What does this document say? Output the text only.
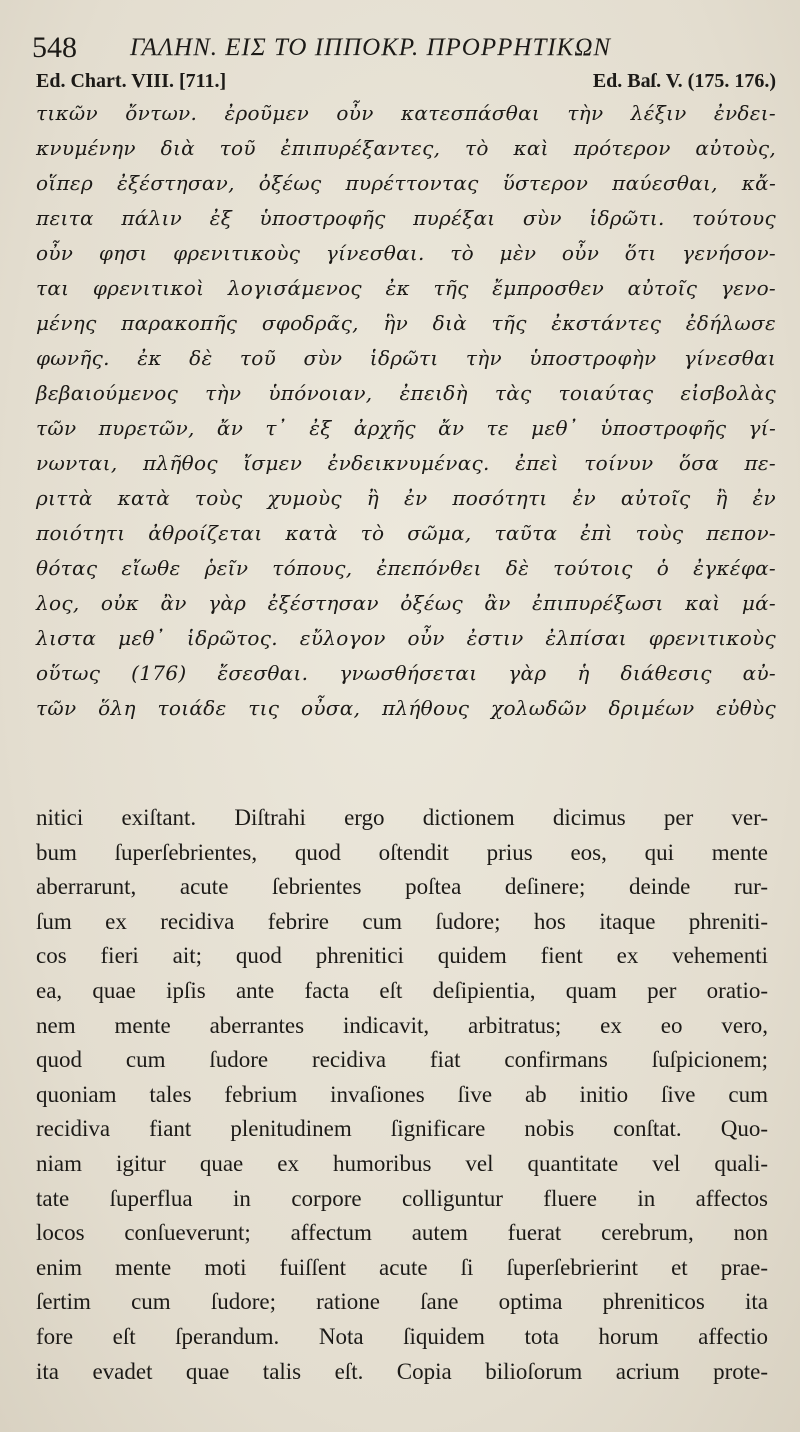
548 ΓΑΛΗΝ. ΕΙΣ ΤΟ ΙΠΠΟΚΡ. ΠΡΟΡΡΗΤΙΚΩΝ
Ed. Chart. VIII. [711.]	Ed. Baſ. V. (175. 176.)
τικῶν ὄντων. ἐροῦμεν οὖν κατεσπάσθαι τὴν λέξιν ἐνδει-
κνυμένην διὰ τοῦ ἐπιπυρέξαντες, τὸ καὶ πρότερον αὐτοὺς,
οἵπερ ἐξέστησαν, ὀξέως πυρέττοντας ὕστερον παύεσθαι, κἄ-
πειτα πάλιν ἐξ ὑποστροφῆς πυρέξαι σὺν ἱδρῶτι. τούτους
οὖν φησι φρενιτικοὺς γίνεσθαι. τὸ μὲν οὖν ὅτι γενήσον-
ται φρενιτικοὶ λογισάμενος ἐκ τῆς ἔμπροσθεν αὐτοῖς γενο-
μένης παρακοπῆς σφοδρᾶς, ἣν διὰ τῆς ἐκστάντες ἐδήλωσε
φωνῆς. ἐκ δὲ τοῦ σὺν ἱδρῶτι τὴν ὑποστροφὴν γίνεσθαι
βεβαιούμενος τὴν ὑπόνοιαν, ἐπειδὴ τὰς τοιαύτας εἰσβολὰς
τῶν πυρετῶν, ἄν τ᾽ ἐξ ἀρχῆς ἄν τε μεθ᾽ ὑποστροφῆς γί-
νωνται, πλῆθος ἴσμεν ἐνδεικνυμένας. ἐπεὶ τοίνυν ὅσα πε-
ριττὰ κατὰ τοὺς χυμοὺς ἢ ἐν ποσότητι ἐν αὐτοῖς ἢ ἐν
ποιότητι ἀθροίζεται κατὰ τὸ σῶμα, ταῦτα ἐπὶ τοὺς πεπον-
θότας εἴωθε ῥεῖν τόπους, ἐπεπόνθει δὲ τούτοις ὁ ἐγκέφα-
λος, οὐκ ἂν γὰρ ἐξέστησαν ὀξέως ἂν ἐπιπυρέξωσι καὶ μά-
λιστα μεθ᾽ ἱδρῶτος. εὔλογον οὖν ἐστιν ἐλπίσαι φρενιτικοὺς
οὕτως (176) ἔσεσθαι. γνωσθήσεται γὰρ ἡ διάθεσις αὐ-
τῶν ὅλη τοιάδε τις οὖσα, πλήθους χολωδῶν δριμέων εὐθὺς
nitici exiſtant. Diſtrahi ergo dictionem dicimus per ver-
bum ſuperſebrientes, quod oſtendit prius eos, qui mente
aberrarunt, acute ſebrientes poſtea deſinere; deinde rur-
ſum ex recidiva febrire cum ſudore; hos itaque phreniti-
cos fieri ait; quod phrenitici quidem fient ex vehementi
ea, quae ipſis ante facta eſt deſipientia, quam per oratio-
nem mente aberrantes indicavit, arbitratus; ex eo vero,
quod cum ſudore recidiva fiat confirmans ſuſpicionem;
quoniam tales febrium invaſiones ſive ab initio ſive cum
recidiva fiant plenitudinem ſignificare nobis conſtat. Quo-
niam igitur quae ex humoribus vel quantitate vel quali-
tate ſuperflua in corpore colliguntur fluere in affectos
locos conſueverunt; affectum autem fuerat cerebrum, non
enim mente moti fuiſſent acute ſi ſuperſebrierint et prae-
ſertim cum ſudore; ratione ſane optima phreniticos ita
fore eſt ſperandum. Nota ſiquidem tota horum affectio
ita evadet quae talis eſt. Copia bilioſorum acrium prote-
